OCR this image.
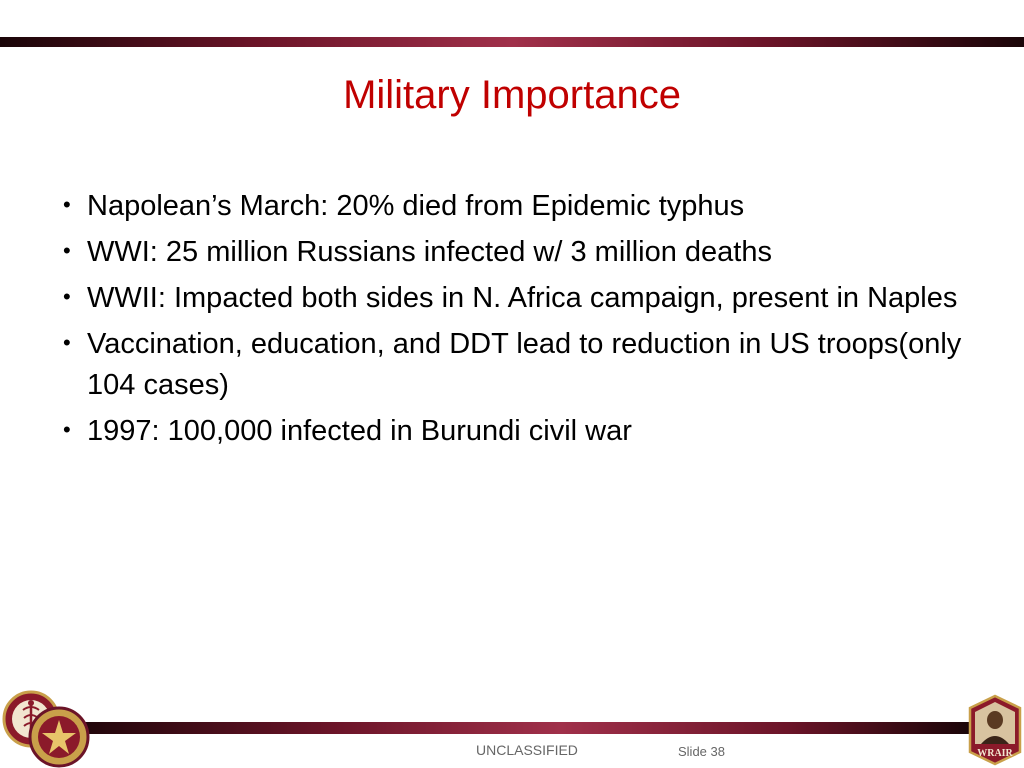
Military Importance
• Napolean’s March: 20% died from Epidemic typhus
• WWI: 25 million Russians infected w/ 3 million deaths
• WWII: Impacted both sides in N. Africa campaign, present in Naples
• Vaccination, education, and DDT lead to reduction in US troops(only 104 cases)
• 1997: 100,000 infected in Burundi civil war
UNCLASSIFIED	Slide 38	WRAIR
